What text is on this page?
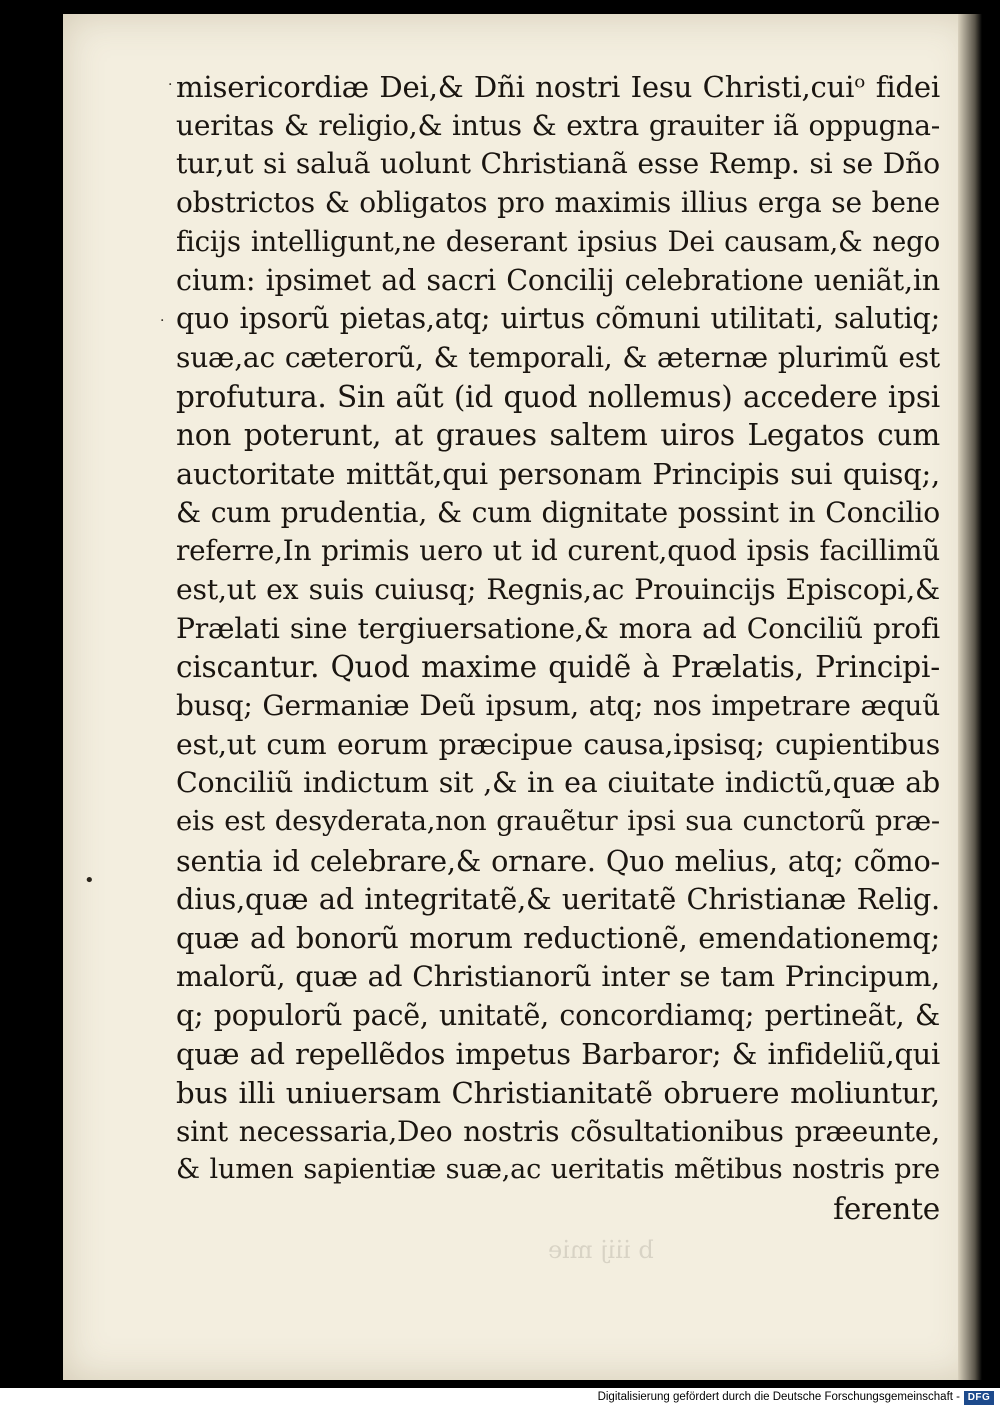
•
·
·
b iiij mie
misericordiæ Dei,& Dñi nostri Iesu Christi,cuiᵒ fidei
ueritas & religio,& intus & extra grauiter iã oppugna-
tur,ut si saluã uolunt Christianã esse Remp. si se Dño
obstrictos & obligatos pro maximis illius erga se bene
ficijs intelligunt,ne deserant ipsius Dei causam,& nego
cium: ipsimet ad sacri Concilij celebratione ueniãt,in
quo ipsorũ pietas,atq; uirtus cõmuni utilitati, salutiq;
suæ,ac cæterorũ, & temporali, & æternæ plurimũ est
profutura. Sin aũt (id quod nollemus) accedere ipsi
non poterunt, at graues saltem uiros Legatos cum
auctoritate mittãt,qui personam Principis sui quisq;,
& cum prudentia, & cum dignitate possint in Concilio
referre,In primis uero ut id curent,quod ipsis facillimũ
est,ut ex suis cuiusq; Regnis,ac Prouincijs Episcopi,&
Prælati sine tergiuersatione,& mora ad Conciliũ profi
ciscantur. Quod maxime quidẽ à Prælatis, Principi-
busq; Germaniæ Deũ ipsum, atq; nos impetrare æquũ
est,ut cum eorum præcipue causa,ipsisq; cupientibus
Conciliũ indictum sit ,& in ea ciuitate indictũ,quæ ab
eis est desyderata,non grauẽtur ipsi sua cunctorũ præ-
sentia id celebrare,& ornare. Quo melius, atq; cõmo-
dius,quæ ad integritatẽ,& ueritatẽ Christianæ Relig.
quæ ad bonorũ morum reductionẽ, emendationemq;
malorũ, quæ ad Christianorũ inter se tam Principum,
q; populorũ pacẽ, unitatẽ, concordiamq; pertineãt, &
quæ ad repellẽdos impetus Barbaror; & infideliũ,qui
bus illi uniuersam Christianitatẽ obruere moliuntur,
sint necessaria,Deo nostris cõsultationibus præeunte,
& lumen sapientiæ suæ,ac ueritatis mẽtibus nostris pre
ferente
Digitalisierung gefördert durch die Deutsche Forschungsgemeinschaft - DFG
